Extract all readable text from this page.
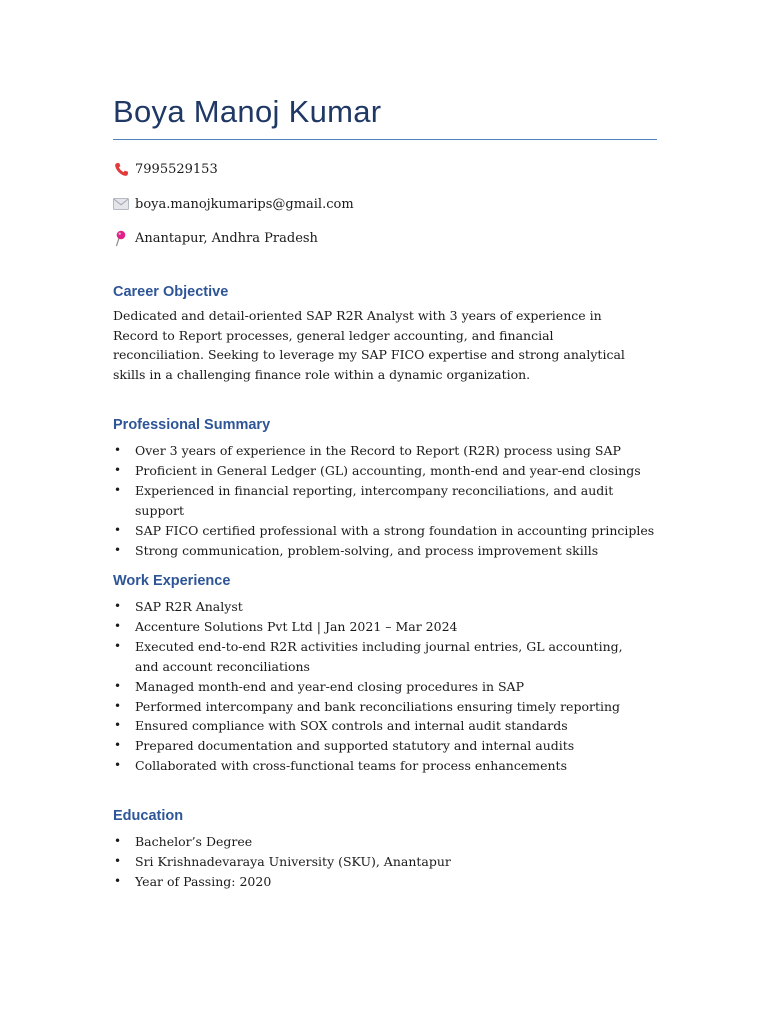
Boya Manoj Kumar
7995529153
boya.manojkumarips@gmail.com
Anantapur, Andhra Pradesh
Career Objective

Dedicated and detail-oriented SAP R2R Analyst with 3 years of experience in Record to Report processes, general ledger accounting, and financial reconciliation. Seeking to leverage my SAP FICO expertise and strong analytical skills in a challenging finance role within a dynamic organization.

Professional Summary
• Over 3 years of experience in the Record to Report (R2R) process using SAP
• Proficient in General Ledger (GL) accounting, month-end and year-end closings
• Experienced in financial reporting, intercompany reconciliations, and audit support
• SAP FICO certified professional with a strong foundation in accounting principles
• Strong communication, problem-solving, and process improvement skills
Work Experience
• SAP R2R Analyst
• Accenture Solutions Pvt Ltd | Jan 2021 – Mar 2024
• Executed end-to-end R2R activities including journal entries, GL accounting, and account reconciliations
• Managed month-end and year-end closing procedures in SAP
• Performed intercompany and bank reconciliations ensuring timely reporting
• Ensured compliance with SOX controls and internal audit standards
• Prepared documentation and supported statutory and internal audits
• Collaborated with cross-functional teams for process enhancements
Education
• Bachelor’s Degree
• Sri Krishnadevaraya University (SKU), Anantapur
• Year of Passing: 2020
